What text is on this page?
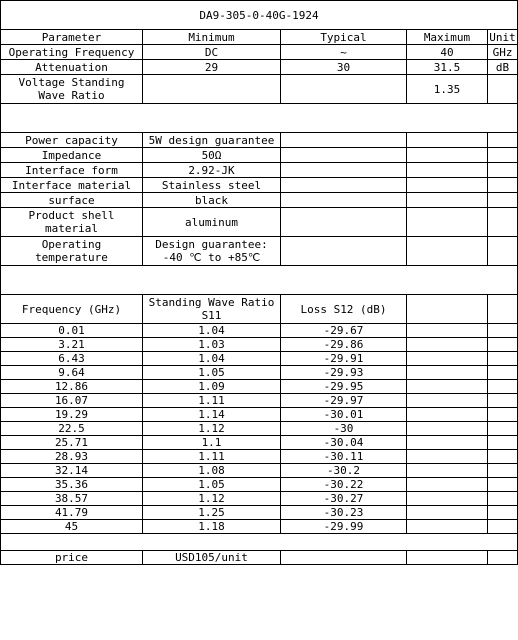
DA9-305-0-40G-1924				
Parameter	Minimum	Typical	Maximum	Unit
Operating Frequency	DC	~	40	GHz
Attenuation	29	30	31.5	dB
Voltage Standing Wave Ratio			1.35	

Power capacity	5W design guarantee			
Impedance	50Ω			
Interface form	2.92-JK			
Interface material	Stainless steel			
surface	black			
Product shell material	aluminum			
Operating temperature	Design guarantee: -40 ℃ to +85℃			

Frequency (GHz)	Standing Wave Ratio S11	Loss S12 (dB)		
0.01	1.04	-29.67		
3.21	1.03	-29.86		
6.43	1.04	-29.91		
9.64	1.05	-29.93		
12.86	1.09	-29.95		
16.07	1.11	-29.97		
19.29	1.14	-30.01		
22.5	1.12	-30		
25.71	1.1	-30.04		
28.93	1.11	-30.11		
32.14	1.08	-30.2		
35.36	1.05	-30.22		
38.57	1.12	-30.27		
41.79	1.25	-30.23		
45	1.18	-29.99		

price	USD105/unit			
